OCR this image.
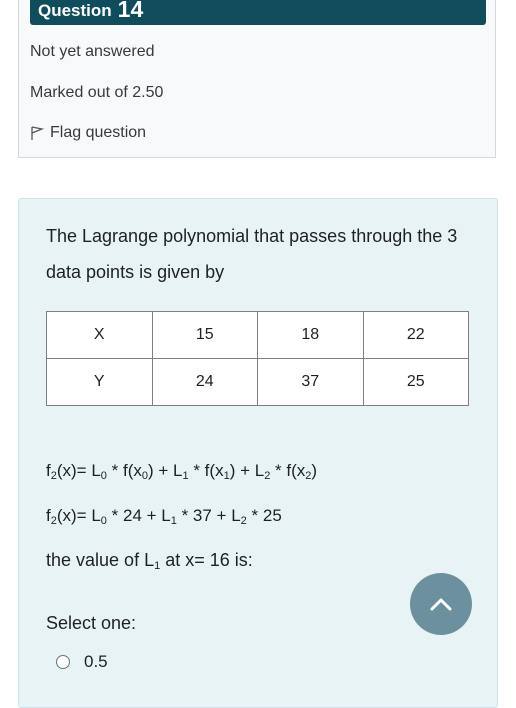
Question 14
Not yet answered
Marked out of 2.50
Flag question
The Lagrange polynomial that passes through the 3 data points is given by
X	15	18	22
Y	24	37	25
$f_2(x)= L_0 * f(x_0) + L_1 * f(x_1) + L_2 * f(x_2)$
$f_2(x)= L_0 * 24 + L_1 * 37 + L_2 * 25$
the value of $L_1$ at x= 16 is:
Select one:
0.5
